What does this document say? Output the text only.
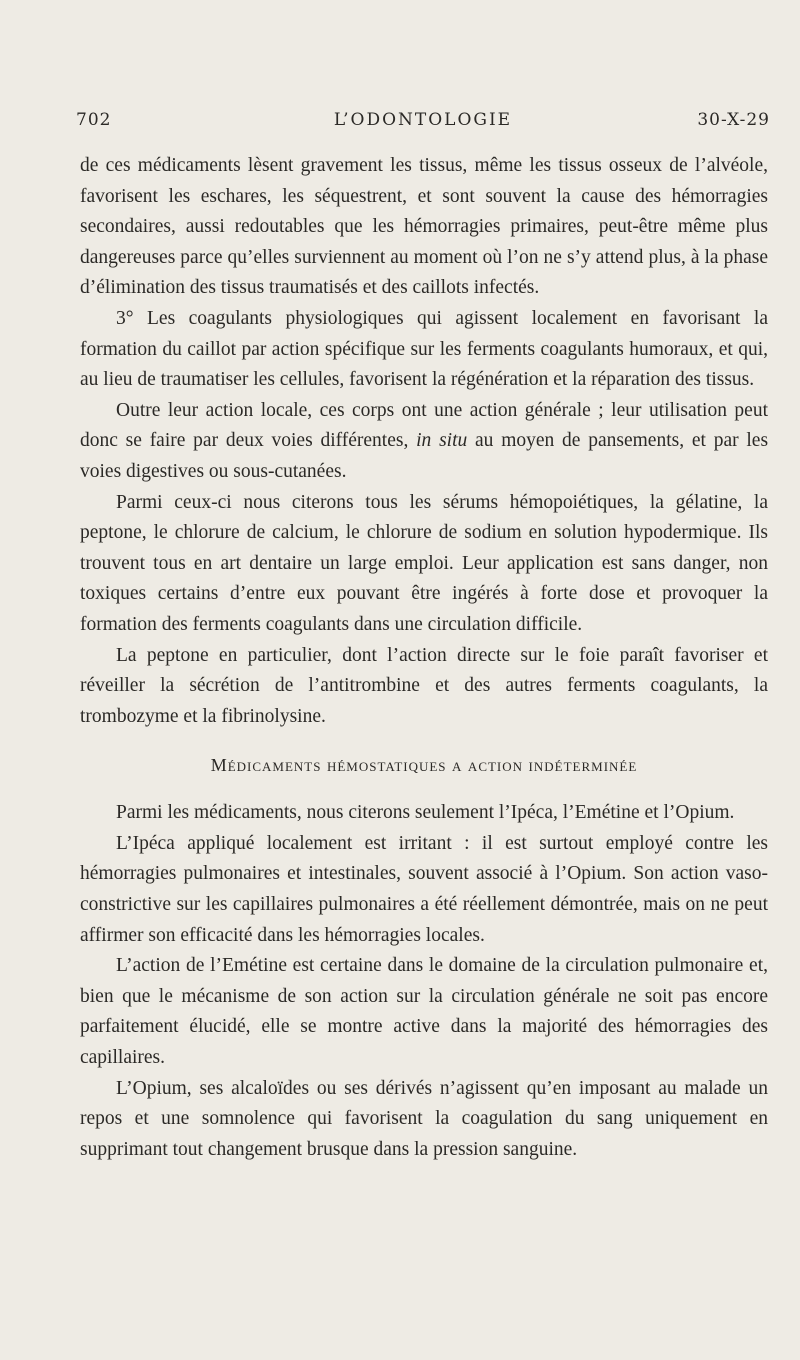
702	L’ODONTOLOGIE	30-X-29

de ces médicaments lèsent gravement les tissus, même les tissus osseux de l’alvéole, favorisent les eschares, les séquestrent, et sont souvent la cause des hémorragies secondaires, aussi redoutables que les hémorragies primaires, peut-être même plus dangereuses parce qu’elles surviennent au moment où l’on ne s’y attend plus, à la phase d’élimination des tissus traumatisés et des caillots infectés.

3° Les coagulants physiologiques qui agissent localement en favorisant la formation du caillot par action spécifique sur les ferments coagulants humoraux, et qui, au lieu de traumatiser les cellules, favorisent la régénération et la réparation des tissus.

Outre leur action locale, ces corps ont une action générale ; leur utilisation peut donc se faire par deux voies différentes, in situ au moyen de pansements, et par les voies digestives ou sous-cutanées.

Parmi ceux-ci nous citerons tous les sérums hémopoiétiques, la gélatine, la peptone, le chlorure de calcium, le chlorure de sodium en solution hypodermique. Ils trouvent tous en art dentaire un large emploi. Leur application est sans danger, non toxiques certains d’entre eux pouvant être ingérés à forte dose et provoquer la formation des ferments coagulants dans une circulation difficile.

La peptone en particulier, dont l’action directe sur le foie paraît favoriser et réveiller la sécrétion de l’antitrombine et des autres ferments coagulants, la trombozyme et la fibrinolysine.

Médicaments hémostatiques a action indéterminée

Parmi les médicaments, nous citerons seulement l’Ipéca, l’Emétine et l’Opium.

L’Ipéca appliqué localement est irritant : il est surtout employé contre les hémorragies pulmonaires et intestinales, souvent associé à l’Opium. Son action vaso-constrictive sur les capillaires pulmonaires a été réellement démontrée, mais on ne peut affirmer son efficacité dans les hémorragies locales.

L’action de l’Emétine est certaine dans le domaine de la circulation pulmonaire et, bien que le mécanisme de son action sur la circulation générale ne soit pas encore parfaitement élucidé, elle se montre active dans la majorité des hémorragies des capillaires.

L’Opium, ses alcaloïdes ou ses dérivés n’agissent qu’en imposant au malade un repos et une somnolence qui favorisent la coagulation du sang uniquement en supprimant tout changement brusque dans la pression sanguine.
